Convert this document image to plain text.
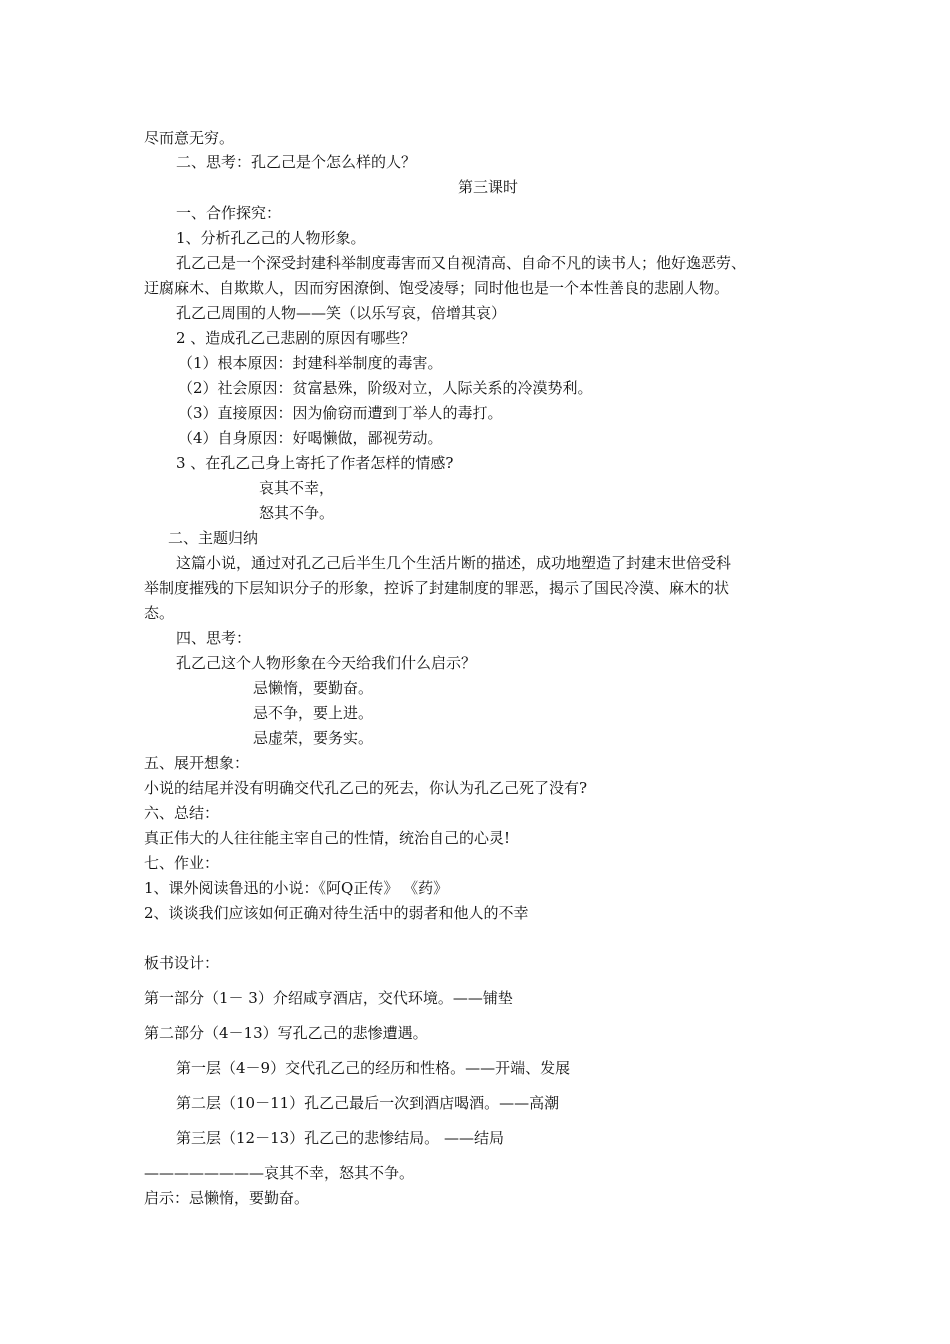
尽而意无穷。
二、思考：孔乙己是个怎么样的人？
第三课时
一、合作探究：
1、分析孔乙己的人物形象。
孔乙己是一个深受封建科举制度毒害而又自视清高、自命不凡的读书人；他好逸恶劳、
迂腐麻木、自欺欺人，因而穷困潦倒、饱受凌辱；同时他也是一个本性善良的悲剧人物。
孔乙己周围的人物——笑（以乐写哀，倍增其哀）
2 、造成孔乙己悲剧的原因有哪些？
（1）根本原因：封建科举制度的毒害。
（2）社会原因：贫富悬殊，阶级对立，人际关系的冷漠势利。
（3）直接原因：因为偷窃而遭到丁举人的毒打。
（4）自身原因：好喝懒做，鄙视劳动。
3 、在孔乙己身上寄托了作者怎样的情感?
哀其不幸，
怒其不争。
二、主题归纳
这篇小说，通过对孔乙己后半生几个生活片断的描述，成功地塑造了封建末世倍受科
举制度摧残的下层知识分子的形象，控诉了封建制度的罪恶，揭示了国民冷漠、麻木的状
态。
四、思考：
孔乙己这个人物形象在今天给我们什么启示？
忌懒惰，要勤奋。
忌不争，要上进。
忌虚荣，要务实。
五、展开想象：
小说的结尾并没有明确交代孔乙己的死去，你认为孔乙己死了没有?
六、总结：
真正伟大的人往往能主宰自己的性情，统治自己的心灵!
七、作业：
1、课外阅读鲁迅的小说：《阿Q正传》 《药》
2、谈谈我们应该如何正确对待生活中的弱者和他人的不幸
板书设计：
第一部分（1－ 3）介绍咸亨酒店，交代环境。——铺垫
第二部分（4－13）写孔乙己的悲惨遭遇。
第一层（4－9）交代孔乙己的经历和性格。——开端、发展
第二层（10－11）孔乙己最后一次到酒店喝酒。——高潮
第三层（12－13）孔乙己的悲惨结局。 ——结局
————————哀其不幸，怒其不争。
启示：忌懒惰，要勤奋。
